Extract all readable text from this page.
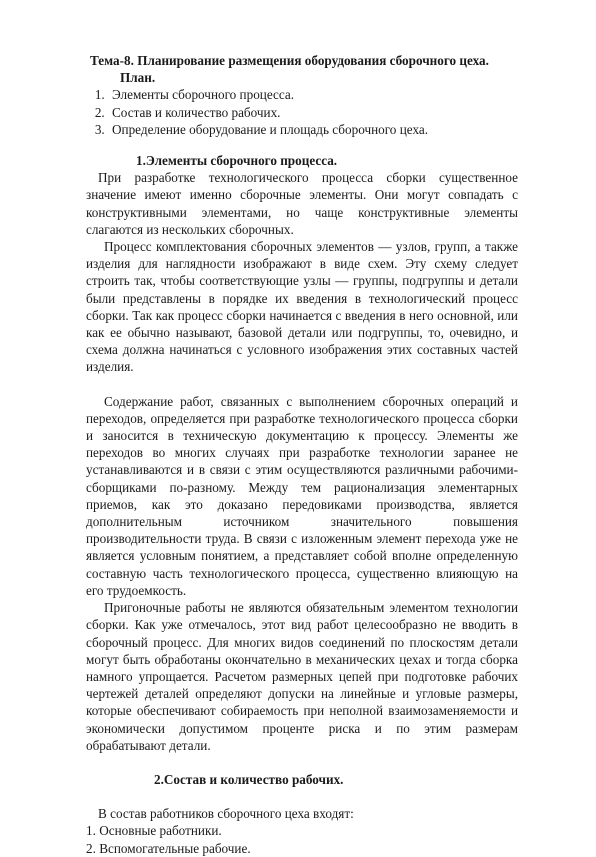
Тема-8. Планирование размещения оборудования сборочного цеха.
План.
1. Элементы сборочного процесса.
2. Состав и количество рабочих.
3. Определение оборудование и площадь сборочного цеха.
1.Элементы сборочного процесса.

При разработке технологического процесса сборки существенное значение имеют именно сборочные элементы. Они могут совпадать с конструктивными элементами, но чаще конструктивные элементы слагаются из нескольких сборочных.

Процесс комплектования сборочных элементов — узлов, групп, а также изделия для наглядности изображают в виде схем. Эту схему следует строить так, чтобы соответствующие узлы — группы, подгруппы и детали были представлены в порядке их введения в технологический процесс сборки. Так как процесс сборки начинается с введения в него основной, или как ее обычно называют, базовой детали или подгруппы, то, очевидно, и схема должна начинаться с условного изображения этих составных частей изделия.

Содержание работ, связанных с выполнением сборочных операций и переходов, определяется при разработке технологического процесса сборки и заносится в техническую документацию к процессу. Элементы же переходов во многих случаях при разработке технологии заранее не устанавливаются и в связи с этим осуществляются различными рабочими-сборщиками по-разному. Между тем рационализация элементарных приемов, как это доказано передовиками производства, является дополнительным источником значительного повышения производительности труда. В связи с изложенным элемент перехода уже не является условным понятием, а представляет собой вполне определенную составную часть технологического процесса, существенно влияющую на его трудоемкость.

Пригоночные работы не являются обязательным элементом технологии сборки. Как уже отмечалось, этот вид работ целесообразно не вводить в сборочный процесс. Для многих видов соединений по плоскостям детали могут быть обработаны окончательно в механических цехах и тогда сборка намного упрощается. Расчетом размерных цепей при подготовке рабочих чертежей деталей определяют допуски на линейные и угловые размеры, которые обеспечивают собираемость при неполной взаимозаменяемости и экономически допустимом проценте риска и по этим размерам обрабатывают детали.

2.Состав и количество рабочих.

В состав работников сборочного цеха входят:

1. Основные работники.
2. Вспомогательные рабочие.
